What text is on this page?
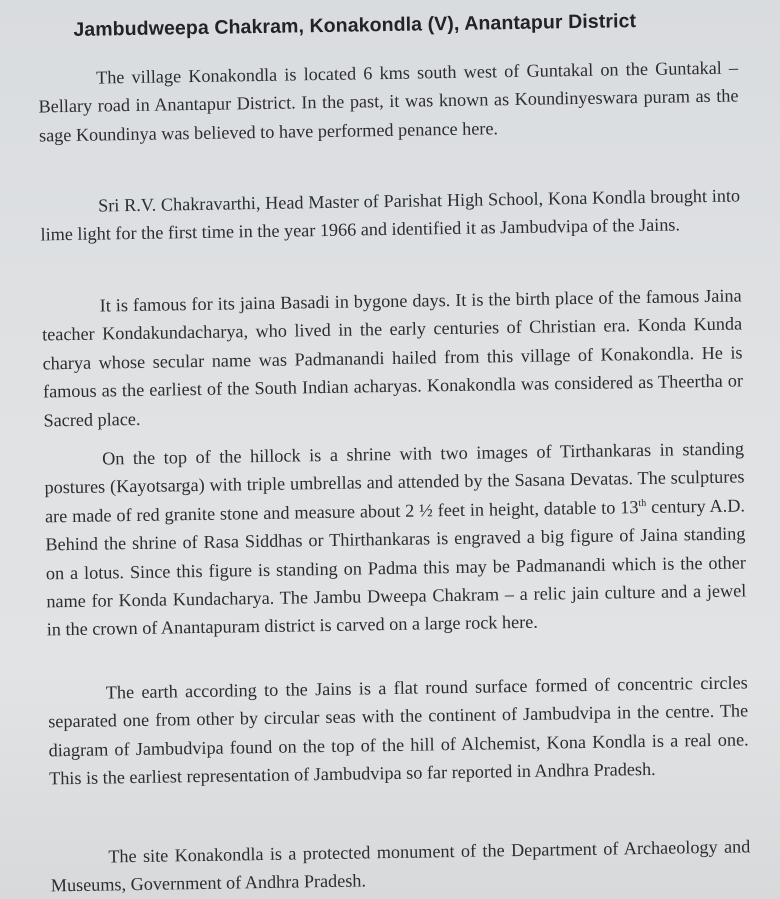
Jambudweepa Chakram, Konakondla (V), Anantapur District

The village Konakondla is located 6 kms south west of Guntakal on the Guntakal – Bellary road in Anantapur District. In the past, it was known as Koundinyeswara puram as the sage Koundinya was believed to have performed penance here.

Sri R.V. Chakravarthi, Head Master of Parishat High School, Kona Kondla brought into lime light for the first time in the year 1966 and identified it as Jambudvipa of the Jains.

It is famous for its jaina Basadi in bygone days. It is the birth place of the famous Jaina teacher Kondakundacharya, who lived in the early centuries of Christian era. Konda Kunda charya whose secular name was Padmanandi hailed from this village of Konakondla. He is famous as the earliest of the South Indian acharyas. Konakondla was considered as Theertha or Sacred place.

On the top of the hillock is a shrine with two images of Tirthankaras in standing postures (Kayotsarga) with triple umbrellas and attended by the Sasana Devatas. The sculptures are made of red granite stone and measure about 2 ½ feet in height, datable to 13th century A.D. Behind the shrine of Rasa Siddhas or Thirthankaras is engraved a big figure of Jaina standing on a lotus. Since this figure is standing on Padma this may be Padmanandi which is the other name for Konda Kundacharya. The Jambu Dweepa Chakram – a relic jain culture and a jewel in the crown of Anantapuram district is carved on a large rock here.

The earth according to the Jains is a flat round surface formed of concentric circles separated one from other by circular seas with the continent of Jambudvipa in the centre. The diagram of Jambudvipa found on the top of the hill of Alchemist, Kona Kondla is a real one. This is the earliest representation of Jambudvipa so far reported in Andhra Pradesh.

The site Konakondla is a protected monument of the Department of Archaeology and Museums, Government of Andhra Pradesh.
